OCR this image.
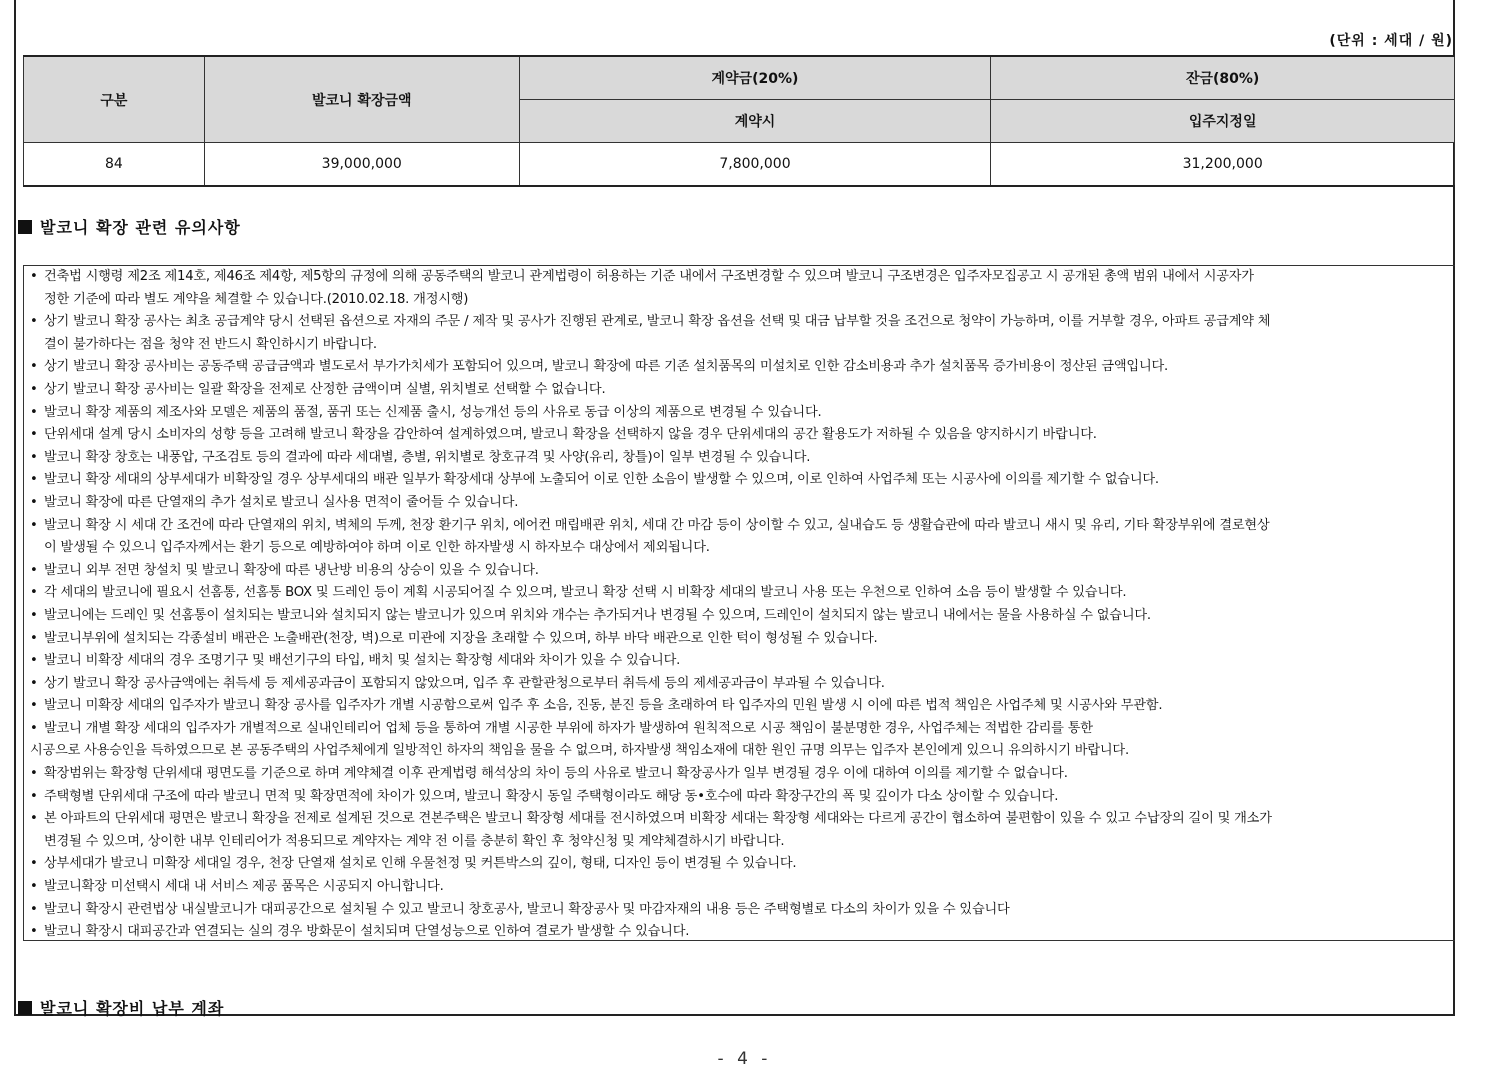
(단위 : 세대 / 원)
구분	발코니 확장금액	계약금(20%)	잔금(80%)
		계약시	입주지정일
84	39,000,000	7,800,000	31,200,000
발코니 확장 관련 유의사항
• 건축법 시행령 제2조 제14호, 제46조 제4항, 제5항의 규정에 의해 공동주택의 발코니 관계법령이 허용하는 기준 내에서 구조변경할 수 있으며 발코니 구조변경은 입주자모집공고 시 공개된 총액 범위 내에서 시공자가
정한 기준에 따라 별도 계약을 체결할 수 있습니다.(2010.02.18. 개정시행)
• 상기 발코니 확장 공사는 최초 공급계약 당시 선택된 옵션으로 자재의 주문 / 제작 및 공사가 진행된 관계로, 발코니 확장 옵션을 선택 및 대금 납부할 것을 조건으로 청약이 가능하며, 이를 거부할 경우, 아파트 공급계약 체
결이 불가하다는 점을 청약 전 반드시 확인하시기 바랍니다.
• 상기 발코니 확장 공사비는 공동주택 공급금액과 별도로서 부가가치세가 포함되어 있으며, 발코니 확장에 따른 기존 설치품목의 미설치로 인한 감소비용과 추가 설치품목 증가비용이 정산된 금액입니다.
• 상기 발코니 확장 공사비는 일괄 확장을 전제로 산정한 금액이며 실별, 위치별로 선택할 수 없습니다.
• 발코니 확장 제품의 제조사와 모델은 제품의 품절, 품귀 또는 신제품 출시, 성능개선 등의 사유로 동급 이상의 제품으로 변경될 수 있습니다.
• 단위세대 설계 당시 소비자의 성향 등을 고려해 발코니 확장을 감안하여 설계하였으며, 발코니 확장을 선택하지 않을 경우 단위세대의 공간 활용도가 저하될 수 있음을 양지하시기 바랍니다.
• 발코니 확장 창호는 내풍압, 구조검토 등의 결과에 따라 세대별, 층별, 위치별로 창호규격 및 사양(유리, 창틀)이 일부 변경될 수 있습니다.
• 발코니 확장 세대의 상부세대가 비확장일 경우 상부세대의 배관 일부가 확장세대 상부에 노출되어 이로 인한 소음이 발생할 수 있으며, 이로 인하여 사업주체 또는 시공사에 이의를 제기할 수 없습니다.
• 발코니 확장에 따른 단열재의 추가 설치로 발코니 실사용 면적이 줄어들 수 있습니다.
• 발코니 확장 시 세대 간 조건에 따라 단열재의 위치, 벽체의 두께, 천장 환기구 위치, 에어컨 매립배관 위치, 세대 간 마감 등이 상이할 수 있고, 실내습도 등 생활습관에 따라 발코니 새시 및 유리, 기타 확장부위에 결로현상
이 발생될 수 있으니 입주자께서는 환기 등으로 예방하여야 하며 이로 인한 하자발생 시 하자보수 대상에서 제외됩니다.
• 발코니 외부 전면 창설치 및 발코니 확장에 따른 냉난방 비용의 상승이 있을 수 있습니다.
• 각 세대의 발코니에 필요시 선홈통, 선홈통 BOX 및 드레인 등이 계획 시공되어질 수 있으며, 발코니 확장 선택 시 비확장 세대의 발코니 사용 또는 우천으로 인하여 소음 등이 발생할 수 있습니다.
• 발코니에는 드레인 및 선홈통이 설치되는 발코니와 설치되지 않는 발코니가 있으며 위치와 개수는 추가되거나 변경될 수 있으며, 드레인이 설치되지 않는 발코니 내에서는 물을 사용하실 수 없습니다.
• 발코니부위에 설치되는 각종설비 배관은 노출배관(천장, 벽)으로 미관에 지장을 초래할 수 있으며, 하부 바닥 배관으로 인한 턱이 형성될 수 있습니다.
• 발코니 비확장 세대의 경우 조명기구 및 배선기구의 타입, 배치 및 설치는 확장형 세대와 차이가 있을 수 있습니다.
• 상기 발코니 확장 공사금액에는 취득세 등 제세공과금이 포함되지 않았으며, 입주 후 관할관청으로부터 취득세 등의 제세공과금이 부과될 수 있습니다.
• 발코니 미확장 세대의 입주자가 발코니 확장 공사를 입주자가 개별 시공함으로써 입주 후 소음, 진동, 분진 등을 초래하여 타 입주자의 민원 발생 시 이에 따른 법적 책임은 사업주체 및 시공사와 무관함.
• 발코니 개별 확장 세대의 입주자가 개별적으로 실내인테리어 업체 등을 통하여 개별 시공한 부위에 하자가 발생하여 원칙적으로 시공 책임이 불분명한 경우, 사업주체는 적법한 감리를 통한
시공으로 사용승인을 득하였으므로 본 공동주택의 사업주체에게 일방적인 하자의 책임을 물을 수 없으며, 하자발생 책임소재에 대한 원인 규명 의무는 입주자 본인에게 있으니 유의하시기 바랍니다.
• 확장범위는 확장형 단위세대 평면도를 기준으로 하며 계약체결 이후 관계법령 해석상의 차이 등의 사유로 발코니 확장공사가 일부 변경될 경우 이에 대하여 이의를 제기할 수 없습니다.
• 주택형별 단위세대 구조에 따라 발코니 면적 및 확장면적에 차이가 있으며, 발코니 확장시 동일 주택형이라도 해당 동•호수에 따라 확장구간의 폭 및 깊이가 다소 상이할 수 있습니다.
• 본 아파트의 단위세대 평면은 발코니 확장을 전제로 설계된 것으로 견본주택은 발코니 확장형 세대를 전시하였으며 비확장 세대는 확장형 세대와는 다르게 공간이 협소하여 불편함이 있을 수 있고 수납장의 길이 및 개소가
변경될 수 있으며, 상이한 내부 인테리어가 적용되므로 계약자는 계약 전 이를 충분히 확인 후 청약신청 및 계약체결하시기 바랍니다.
• 상부세대가 발코니 미확장 세대일 경우, 천장 단열재 설치로 인해 우물천정 및 커튼박스의 깊이, 형태, 디자인 등이 변경될 수 있습니다.
• 발코니확장 미선택시 세대 내 서비스 제공 품목은 시공되지 아니합니다.
• 발코니 확장시 관련법상 내실발코니가 대피공간으로 설치될 수 있고 발코니 창호공사, 발코니 확장공사 및 마감자재의 내용 등은 주택형별로 다소의 차이가 있을 수 있습니다
• 발코니 확장시 대피공간과 연결되는 실의 경우 방화문이 설치되며 단열성능으로 인하여 결로가 발생할 수 있습니다.
발코니 확장비 납부 계좌
- 4 -
